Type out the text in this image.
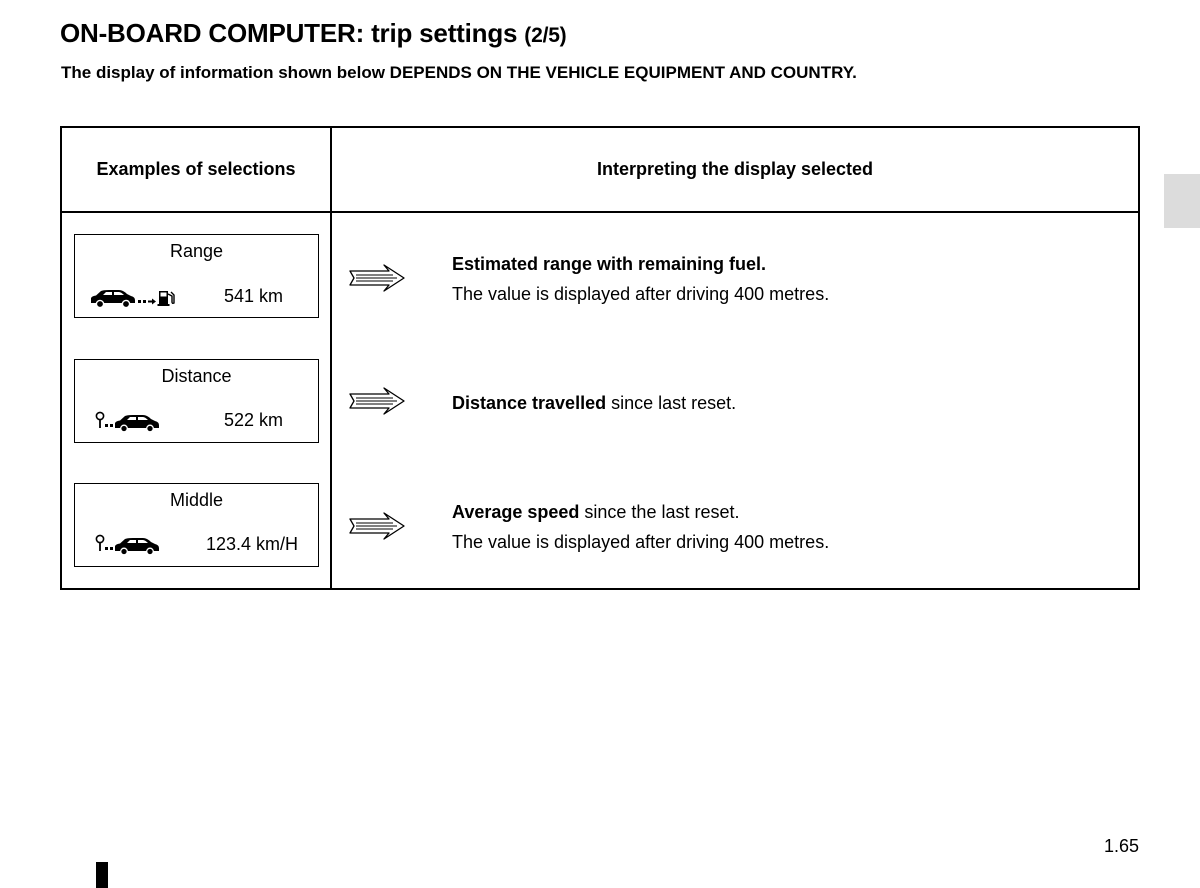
ON-BOARD COMPUTER: trip settings (2/5)

The display of information shown below DEPENDS ON THE VEHICLE EQUIPMENT AND COUNTRY.

Examples of selections	Interpreting the display selected
Range
541 km
Estimated range with remaining fuel.
The value is displayed after driving 400 metres.
Distance
522 km
Distance travelled since last reset.
Middle
123.4 km/H
Average speed since the last reset.
The value is displayed after driving 400 metres.
1.65
